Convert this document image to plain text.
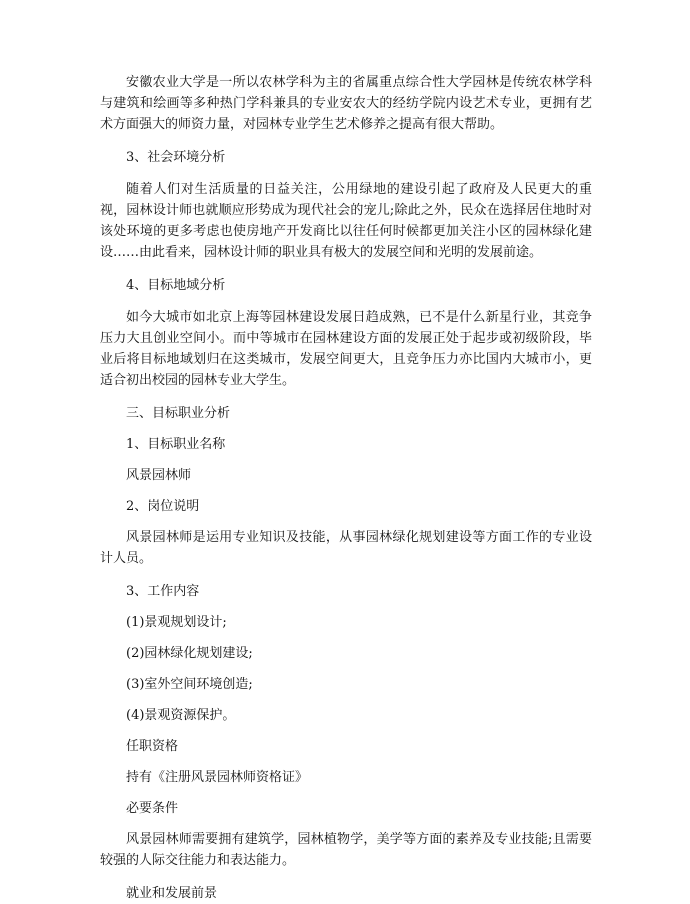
安徽农业大学是一所以农林学科为主的省属重点综合性大学园林是传统农林学科与建筑和绘画等多种热门学科兼具的专业安农大的经纺学院内设艺术专业，更拥有艺术方面强大的师资力量，对园林专业学生艺术修养之提高有很大帮助。

3、社会环境分析

随着人们对生活质量的日益关注，公用绿地的建设引起了政府及人民更大的重视，园林设计师也就顺应形势成为现代社会的宠儿;除此之外，民众在选择居住地时对该处环境的更多考虑也使房地产开发商比以往任何时候都更加关注小区的园林绿化建设……由此看来，园林设计师的职业具有极大的发展空间和光明的发展前途。

4、目标地域分析

如今大城市如北京上海等园林建设发展日趋成熟，已不是什么新星行业，其竞争压力大且创业空间小。而中等城市在园林建设方面的发展正处于起步或初级阶段，毕业后将目标地域划归在这类城市，发展空间更大，且竞争压力亦比国内大城市小，更适合初出校园的园林专业大学生。

三、目标职业分析

1、目标职业名称

风景园林师

2、岗位说明

风景园林师是运用专业知识及技能，从事园林绿化规划建设等方面工作的专业设计人员。

3、工作内容

(1)景观规划设计;

(2)园林绿化规划建设;

(3)室外空间环境创造;

(4)景观资源保护。

任职资格

持有《注册风景园林师资格证》

必要条件

风景园林师需要拥有建筑学，园林植物学，美学等方面的素养及专业技能;且需要较强的人际交往能力和表达能力。

就业和发展前景
